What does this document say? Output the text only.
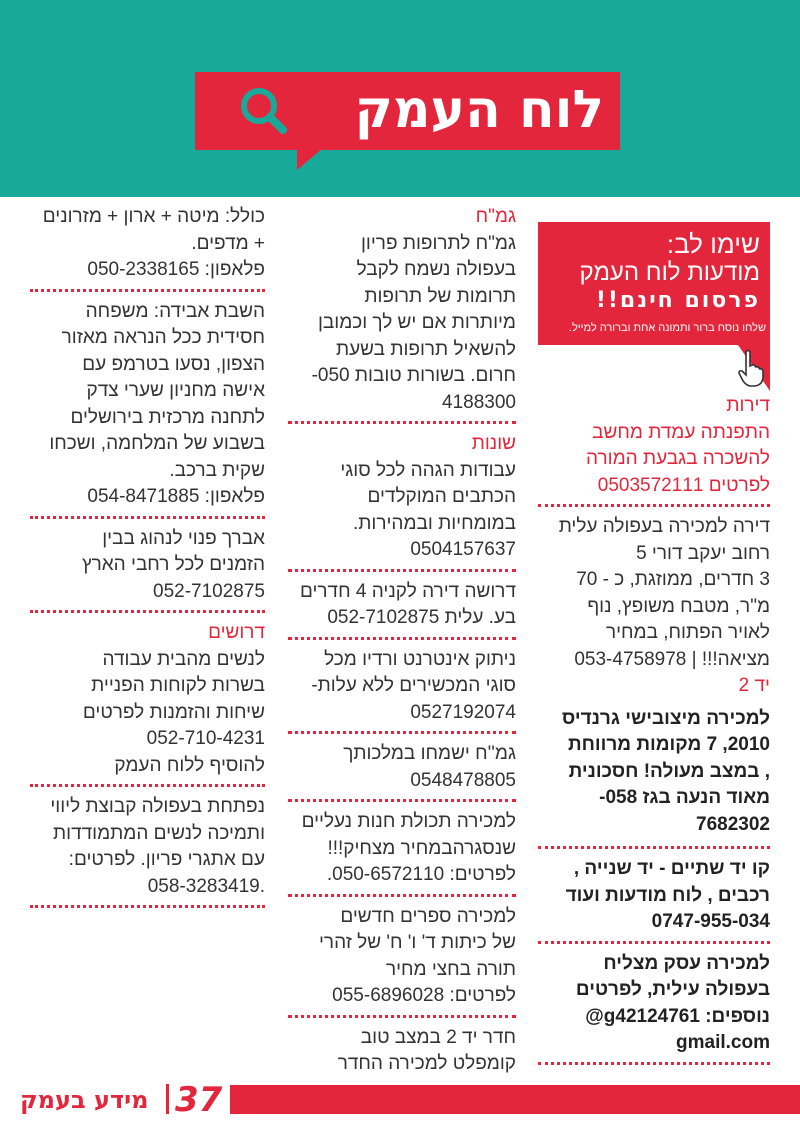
לוח העמק
שימו לב:
מודעות לוח העמק
פרסום חינם!!
שלחו נוסח ברור ותמונה אחת וברורה למייל.
דירות
התפנתה עמדת מחשב
להשכרה בגבעת המורה
לפרטים 0503572111
דירה למכירה בעפולה עלית
רחוב יעקב דורי 5
3 חדרים, ממוזגת, כ - 70
מ"ר, מטבח משופץ, נוף
לאויר הפתוח, במחיר
מציאה!!! | 053-4758978
יד 2
למכירה מיצובישי גרנדיס
2010, 7 מקומות מרווחת
, במצב מעולה! חסכונית
מאוד הנעה בגז 058-
7682302
קו יד שתיים - יד שנייה ,
רכבים , לוח מודעות ועוד
0747-955-034
למכירה עסק מצליח
בעפולה עילית, לפרטים
נוספים: g42124761@
gmail.com
גמ"ח
גמ"ח לתרופות פריון
בעפולה נשמח לקבל
תרומות של תרופות
מיותרות אם יש לך וכמובן
להשאיל תרופות בשעת
חרום. בשורות טובות 050-
4188300
שונות
עבודות הגהה לכל סוגי
הכתבים המוקלדים
במומחיות ובמהירות.
0504157637
דרושה דירה לקניה 4 חדרים
בע. עלית 052-7102875
ניתוק אינטרנט ורדיו מכל
סוגי המכשירים ללא עלות-
0527192074
גמ''ח ישמחו במלכותך
0548478805
למכירה תכולת חנות נעליים
שנסגרהבמחיר מצחיק!!!
לפרטים: 050-6572110.
למכירה ספרים חדשים
של כיתות ד' ו' ח' של זהרי
תורה בחצי מחיר
לפרטים: 055-6896028
חדר יד 2 במצב טוב
קומפלט למכירה החדר
כולל: מיטה + ארון + מזרונים
+ מדפים.
פלאפון: 050-2338165
השבת אבידה: משפחה
חסידית ככל הנראה מאזור
הצפון, נסעו בטרמפ עם
אישה מחניון שערי צדק
לתחנה מרכזית בירושלים
בשבוע של המלחמה, ושכחו
שקית ברכב.
פלאפון: 054-8471885
אברך פנוי לנהוג בבין
הזמנים לכל רחבי הארץ
052-7102875
דרושים
לנשים מהבית עבודה
בשרות לקוחות הפניית
שיחות והזמנות לפרטים
052-710-4231
להוסיף ללוח העמק
נפתחת בעפולה קבוצת ליווי
ותמיכה לנשים המתמודדות
עם אתגרי פריון. לפרטים:
.058-3283419
מידע בעמק 37
